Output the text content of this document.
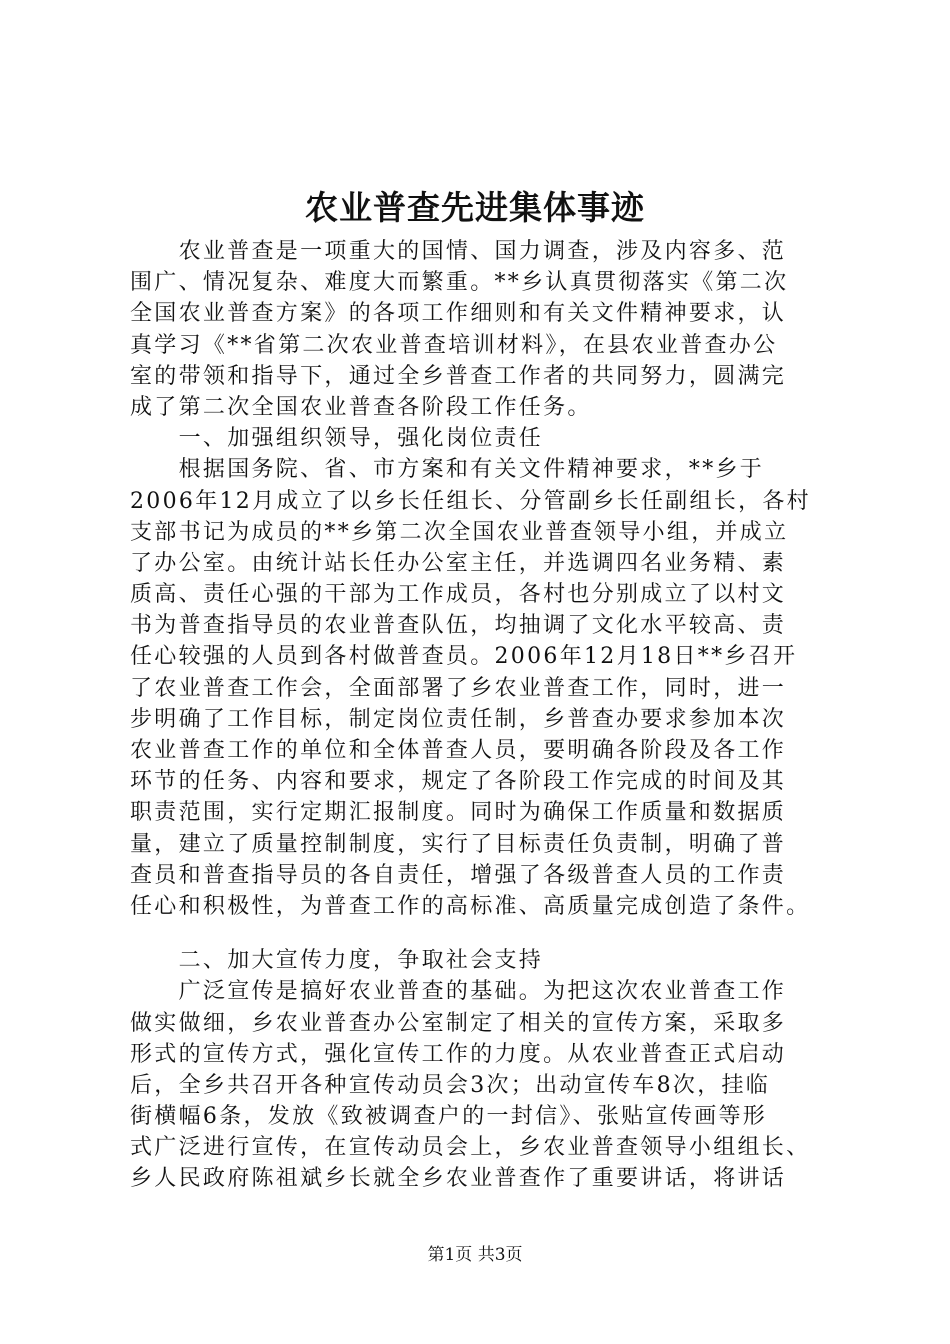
农业普查先进集体事迹
　　农业普查是一项重大的国情、国力调查，涉及内容多、范
围广、情况复杂、难度大而繁重。**乡认真贯彻落实《第二次
全国农业普查方案》的各项工作细则和有关文件精神要求，认
真学习《**省第二次农业普查培训材料》，在县农业普查办公
室的带领和指导下，通过全乡普查工作者的共同努力，圆满完
成了第二次全国农业普查各阶段工作任务。
　　一、加强组织领导，强化岗位责任
　　根据国务院、省、市方案和有关文件精神要求，**乡于
2006年12月成立了以乡长任组长、分管副乡长任副组长，各村
支部书记为成员的**乡第二次全国农业普查领导小组，并成立
了办公室。由统计站长任办公室主任，并选调四名业务精、素
质高、责任心强的干部为工作成员，各村也分别成立了以村文
书为普查指导员的农业普查队伍，均抽调了文化水平较高、责
任心较强的人员到各村做普查员。2006年12月18日**乡召开
了农业普查工作会，全面部署了乡农业普查工作，同时，进一
步明确了工作目标，制定岗位责任制，乡普查办要求参加本次
农业普查工作的单位和全体普查人员，要明确各阶段及各工作
环节的任务、内容和要求，规定了各阶段工作完成的时间及其
职责范围，实行定期汇报制度。同时为确保工作质量和数据质
量，建立了质量控制制度，实行了目标责任负责制，明确了普
查员和普查指导员的各自责任，增强了各级普查人员的工作责
任心和积极性，为普查工作的高标准、高质量完成创造了条件。
　　二、加大宣传力度，争取社会支持
　　广泛宣传是搞好农业普查的基础。为把这次农业普查工作
做实做细，乡农业普查办公室制定了相关的宣传方案，采取多
形式的宣传方式，强化宣传工作的力度。从农业普查正式启动
后，全乡共召开各种宣传动员会3次；出动宣传车8次，挂临
街横幅6条，发放《致被调查户的一封信》、张贴宣传画等形
式广泛进行宣传，在宣传动员会上，乡农业普查领导小组组长、
乡人民政府陈祖斌乡长就全乡农业普查作了重要讲话，将讲话
第1页 共3页
